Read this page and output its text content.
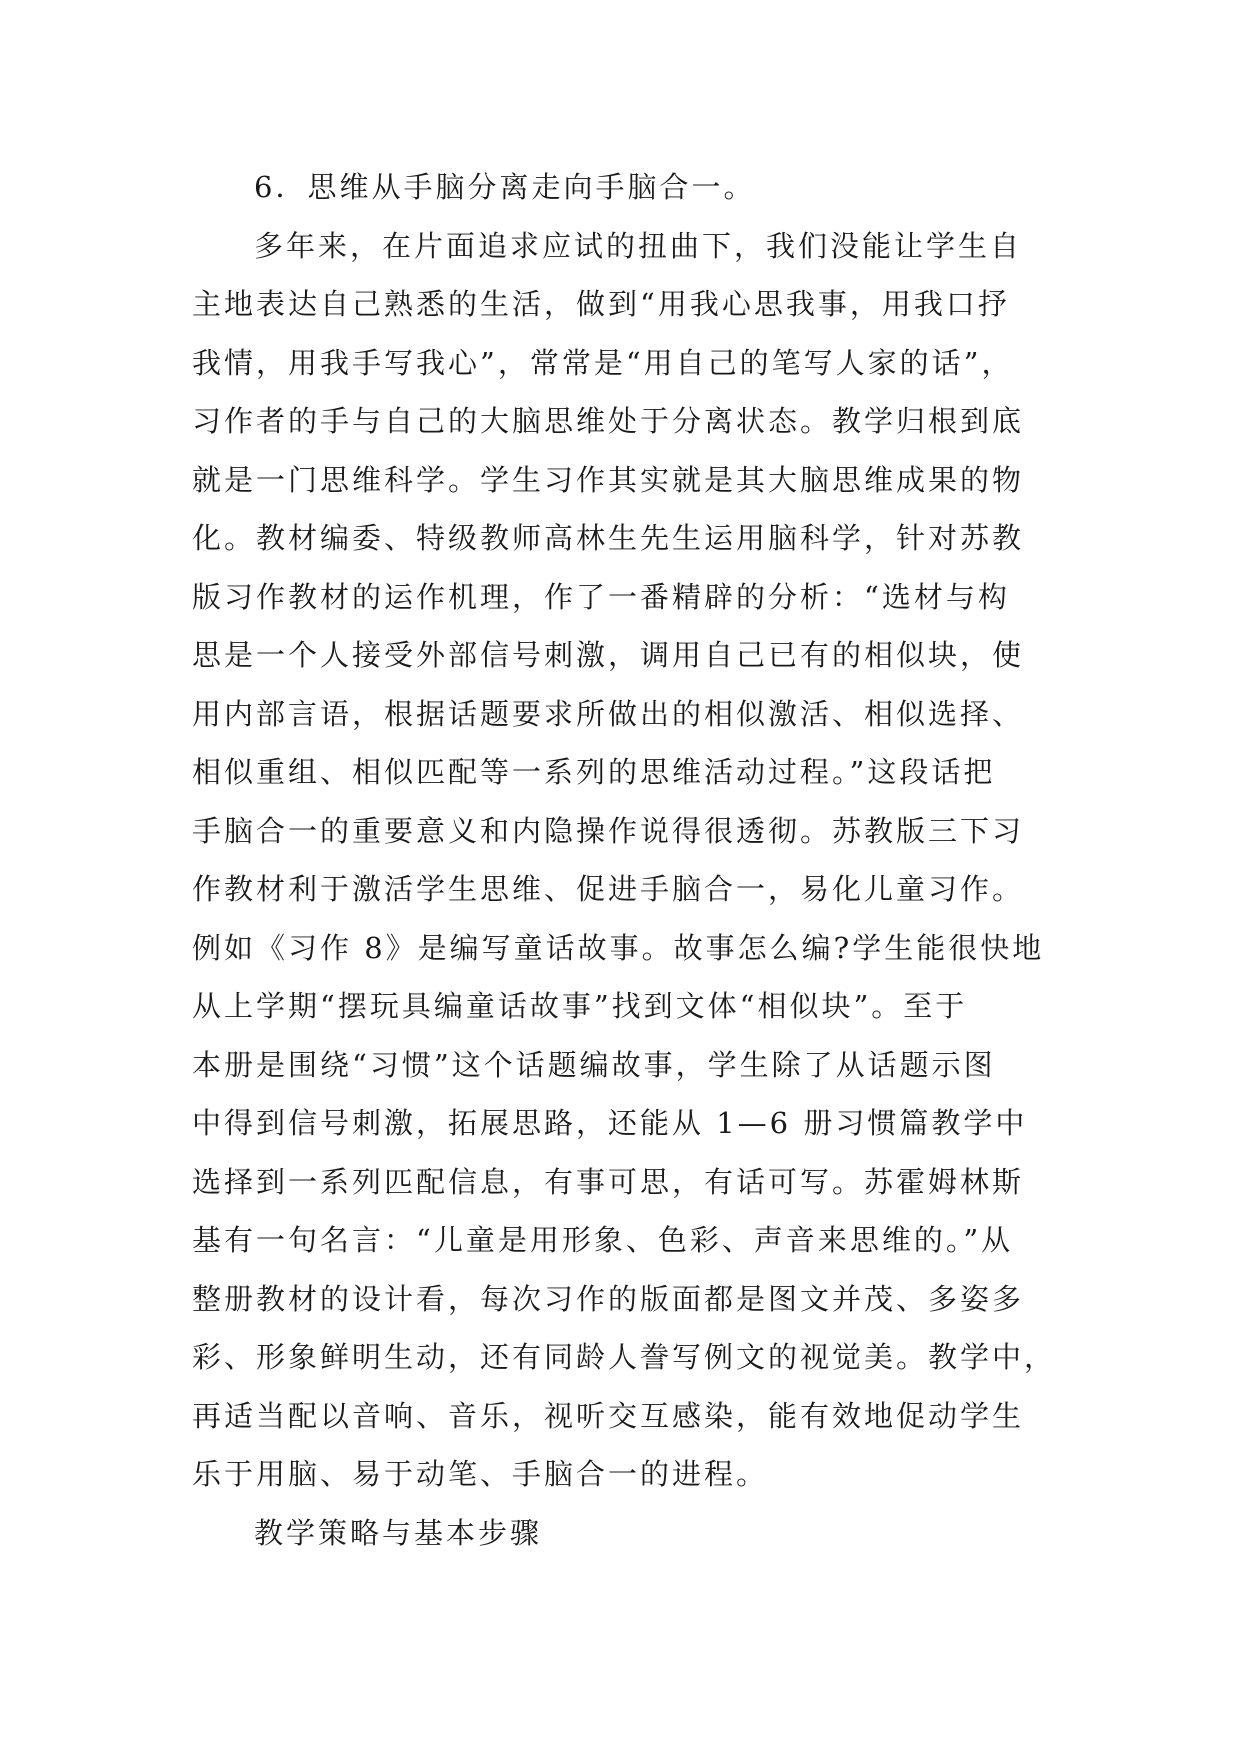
6．思维从手脑分离走向手脑合一。
多年来，在片面追求应试的扭曲下，我们没能让学生自
主地表达自己熟悉的生活，做到“用我心思我事，用我口抒
我情，用我手写我心”，常常是“用自己的笔写人家的话”，
习作者的手与自己的大脑思维处于分离状态。教学归根到底
就是一门思维科学。学生习作其实就是其大脑思维成果的物
化。教材编委、特级教师高林生先生运用脑科学，针对苏教
版习作教材的运作机理，作了一番精辟的分析：“选材与构
思是一个人接受外部信号刺激，调用自己已有的相似块，使
用内部言语，根据话题要求所做出的相似激活、相似选择、
相似重组、相似匹配等一系列的思维活动过程。”这段话把
手脑合一的重要意义和内隐操作说得很透彻。苏教版三下习
作教材利于激活学生思维、促进手脑合一，易化儿童习作。
例如《习作 8》是编写童话故事。故事怎么编?学生能很快地
从上学期“摆玩具编童话故事”找到文体“相似块”。至于
本册是围绕“习惯”这个话题编故事，学生除了从话题示图
中得到信号刺激，拓展思路，还能从 1—6 册习惯篇教学中
选择到一系列匹配信息，有事可思，有话可写。苏霍姆林斯
基有一句名言：“儿童是用形象、色彩、声音来思维的。”从
整册教材的设计看，每次习作的版面都是图文并茂、多姿多
彩、形象鲜明生动，还有同龄人誊写例文的视觉美。教学中，
再适当配以音响、音乐，视听交互感染，能有效地促动学生
乐于用脑、易于动笔、手脑合一的进程。
教学策略与基本步骤
